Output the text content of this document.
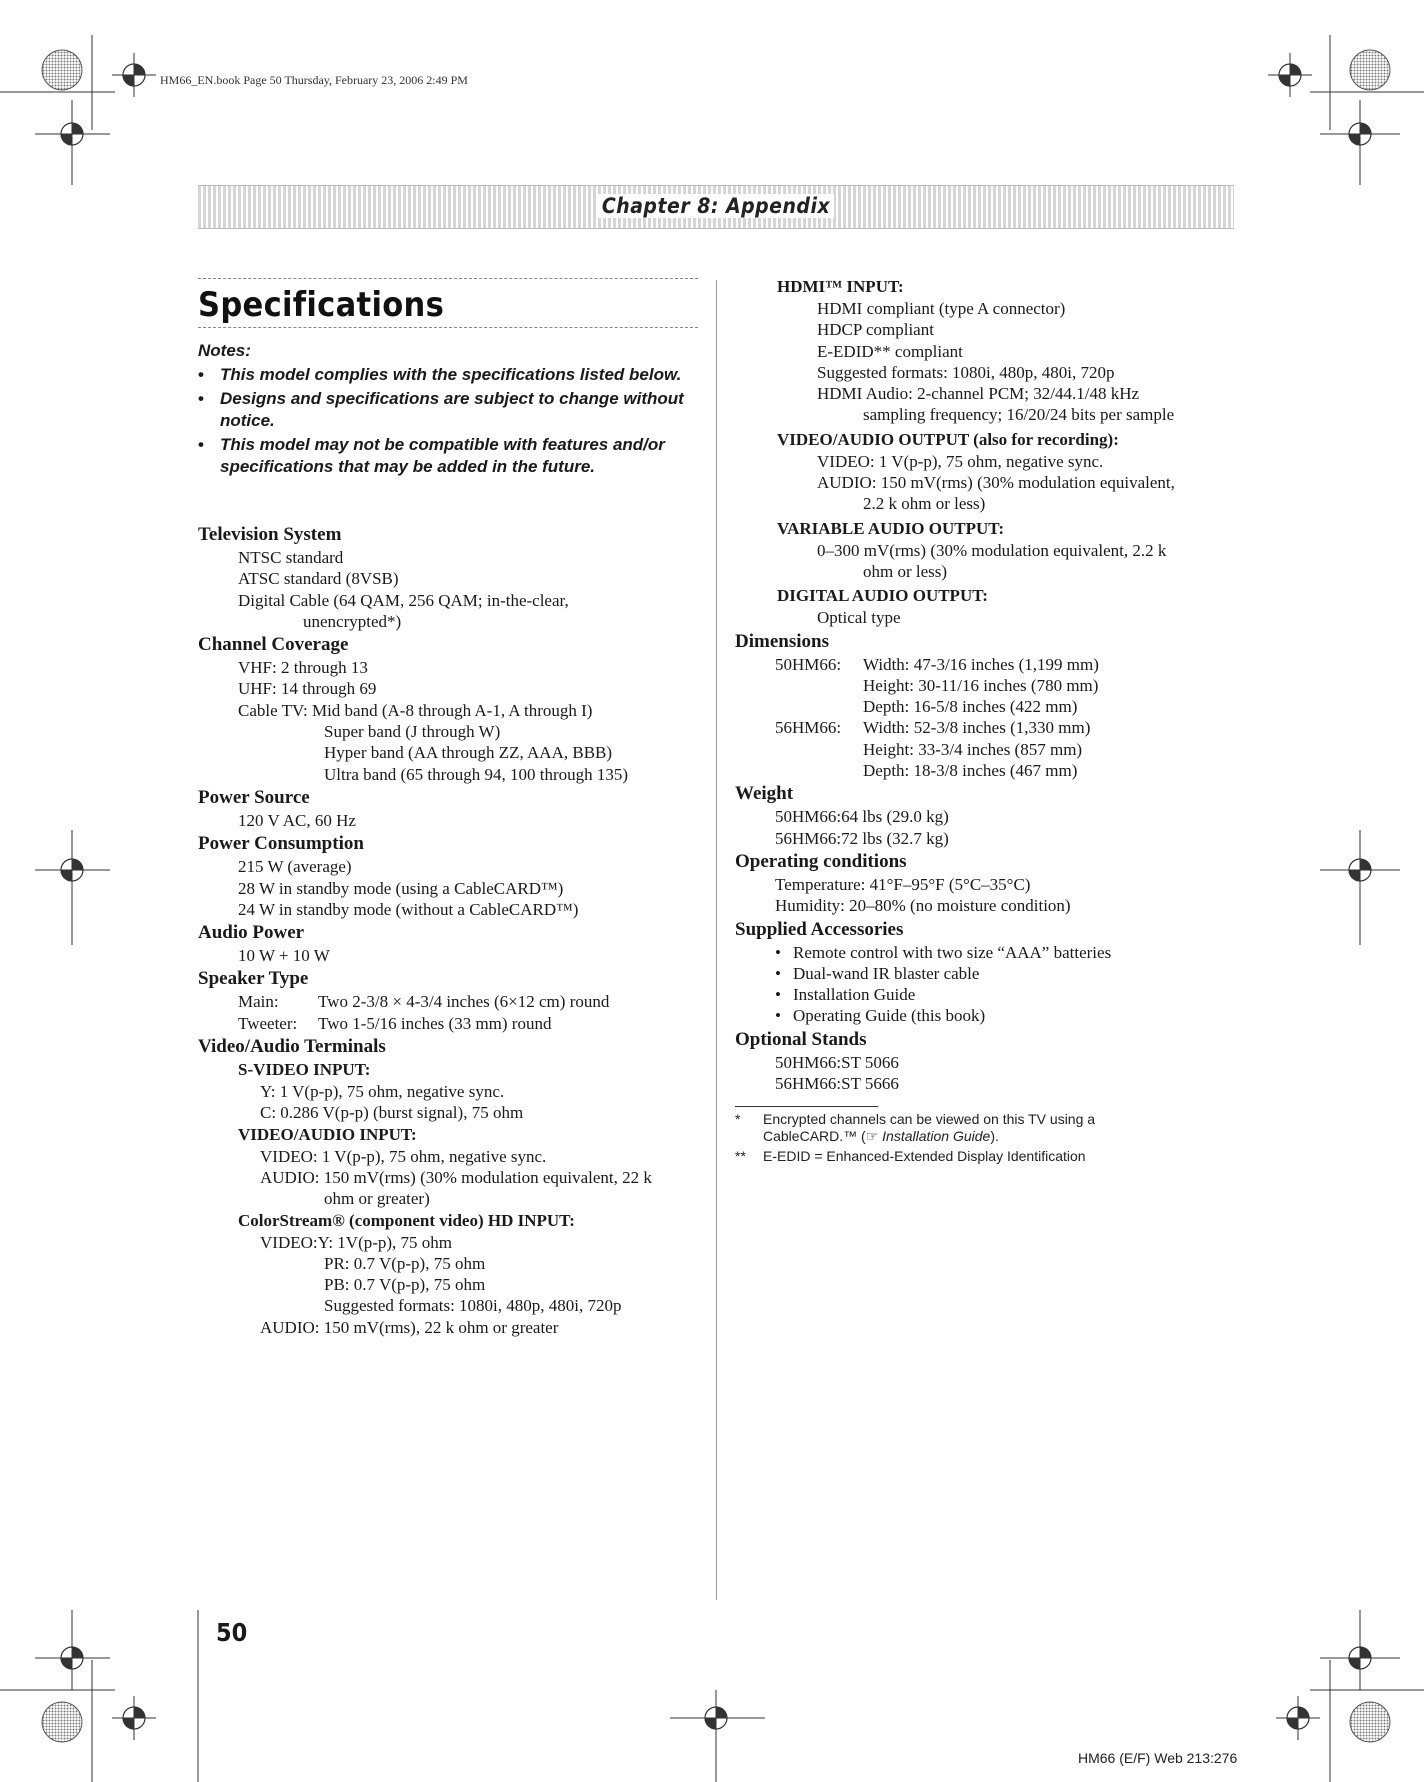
HM66_EN.book Page 50 Thursday, February 23, 2006 2:49 PM
Chapter 8: Appendix
Specifications
Notes:
• This model complies with the specifications listed below.
• Designs and specifications are subject to change without notice.
• This model may not be compatible with features and/or specifications that may be added in the future.
Television System
NTSC standard
ATSC standard (8VSB)
Digital Cable (64 QAM, 256 QAM; in-the-clear,
unencrypted*)
Channel Coverage
VHF: 2 through 13
UHF: 14 through 69
Cable TV: Mid band (A-8 through A-1, A through I)
Super band (J through W)
Hyper band (AA through ZZ, AAA, BBB)
Ultra band (65 through 94, 100 through 135)
Power Source
120 V AC, 60 Hz
Power Consumption
215 W (average)
28 W in standby mode (using a CableCARD™)
24 W in standby mode (without a CableCARD™)
Audio Power
10 W + 10 W
Speaker Type
Main: Two 2-3/8 × 4-3/4 inches (6×12 cm) round
Tweeter: Two 1-5/16 inches (33 mm) round
Video/Audio Terminals
S-VIDEO INPUT:
Y: 1 V(p-p), 75 ohm, negative sync.
C: 0.286 V(p-p) (burst signal), 75 ohm
VIDEO/AUDIO INPUT:
VIDEO: 1 V(p-p), 75 ohm, negative sync.
AUDIO: 150 mV(rms) (30% modulation equivalent, 22 k
ohm or greater)
ColorStream® (component video) HD INPUT:
VIDEO:Y: 1V(p-p), 75 ohm
PR: 0.7 V(p-p), 75 ohm
PB: 0.7 V(p-p), 75 ohm
Suggested formats: 1080i, 480p, 480i, 720p
AUDIO: 150 mV(rms), 22 k ohm or greater
HDMI™ INPUT:
HDMI compliant (type A connector)
HDCP compliant
E-EDID** compliant
Suggested formats: 1080i, 480p, 480i, 720p
HDMI Audio: 2-channel PCM; 32/44.1/48 kHz
sampling frequency; 16/20/24 bits per sample
VIDEO/AUDIO OUTPUT (also for recording):
VIDEO: 1 V(p-p), 75 ohm, negative sync.
AUDIO: 150 mV(rms) (30% modulation equivalent,
2.2 k ohm or less)
VARIABLE AUDIO OUTPUT:
0–300 mV(rms) (30% modulation equivalent, 2.2 k
ohm or less)
DIGITAL AUDIO OUTPUT:
Optical type
Dimensions
50HM66: Width: 47-3/16 inches (1,199 mm)
Height: 30-11/16 inches (780 mm)
Depth: 16-5/8 inches (422 mm)
56HM66: Width: 52-3/8 inches (1,330 mm)
Height: 33-3/4 inches (857 mm)
Depth: 18-3/8 inches (467 mm)
Weight
50HM66:64 lbs (29.0 kg)
56HM66:72 lbs (32.7 kg)
Operating conditions
Temperature: 41°F–95°F (5°C–35°C)
Humidity: 20–80% (no moisture condition)
Supplied Accessories
• Remote control with two size “AAA” batteries
• Dual-wand IR blaster cable
• Installation Guide
• Operating Guide (this book)
Optional Stands
50HM66:ST 5066
56HM66:ST 5666
* Encrypted channels can be viewed on this TV using a
CableCARD.™ (☞ Installation Guide).
** E-EDID = Enhanced-Extended Display Identification
50
HM66 (E/F) Web 213:276
